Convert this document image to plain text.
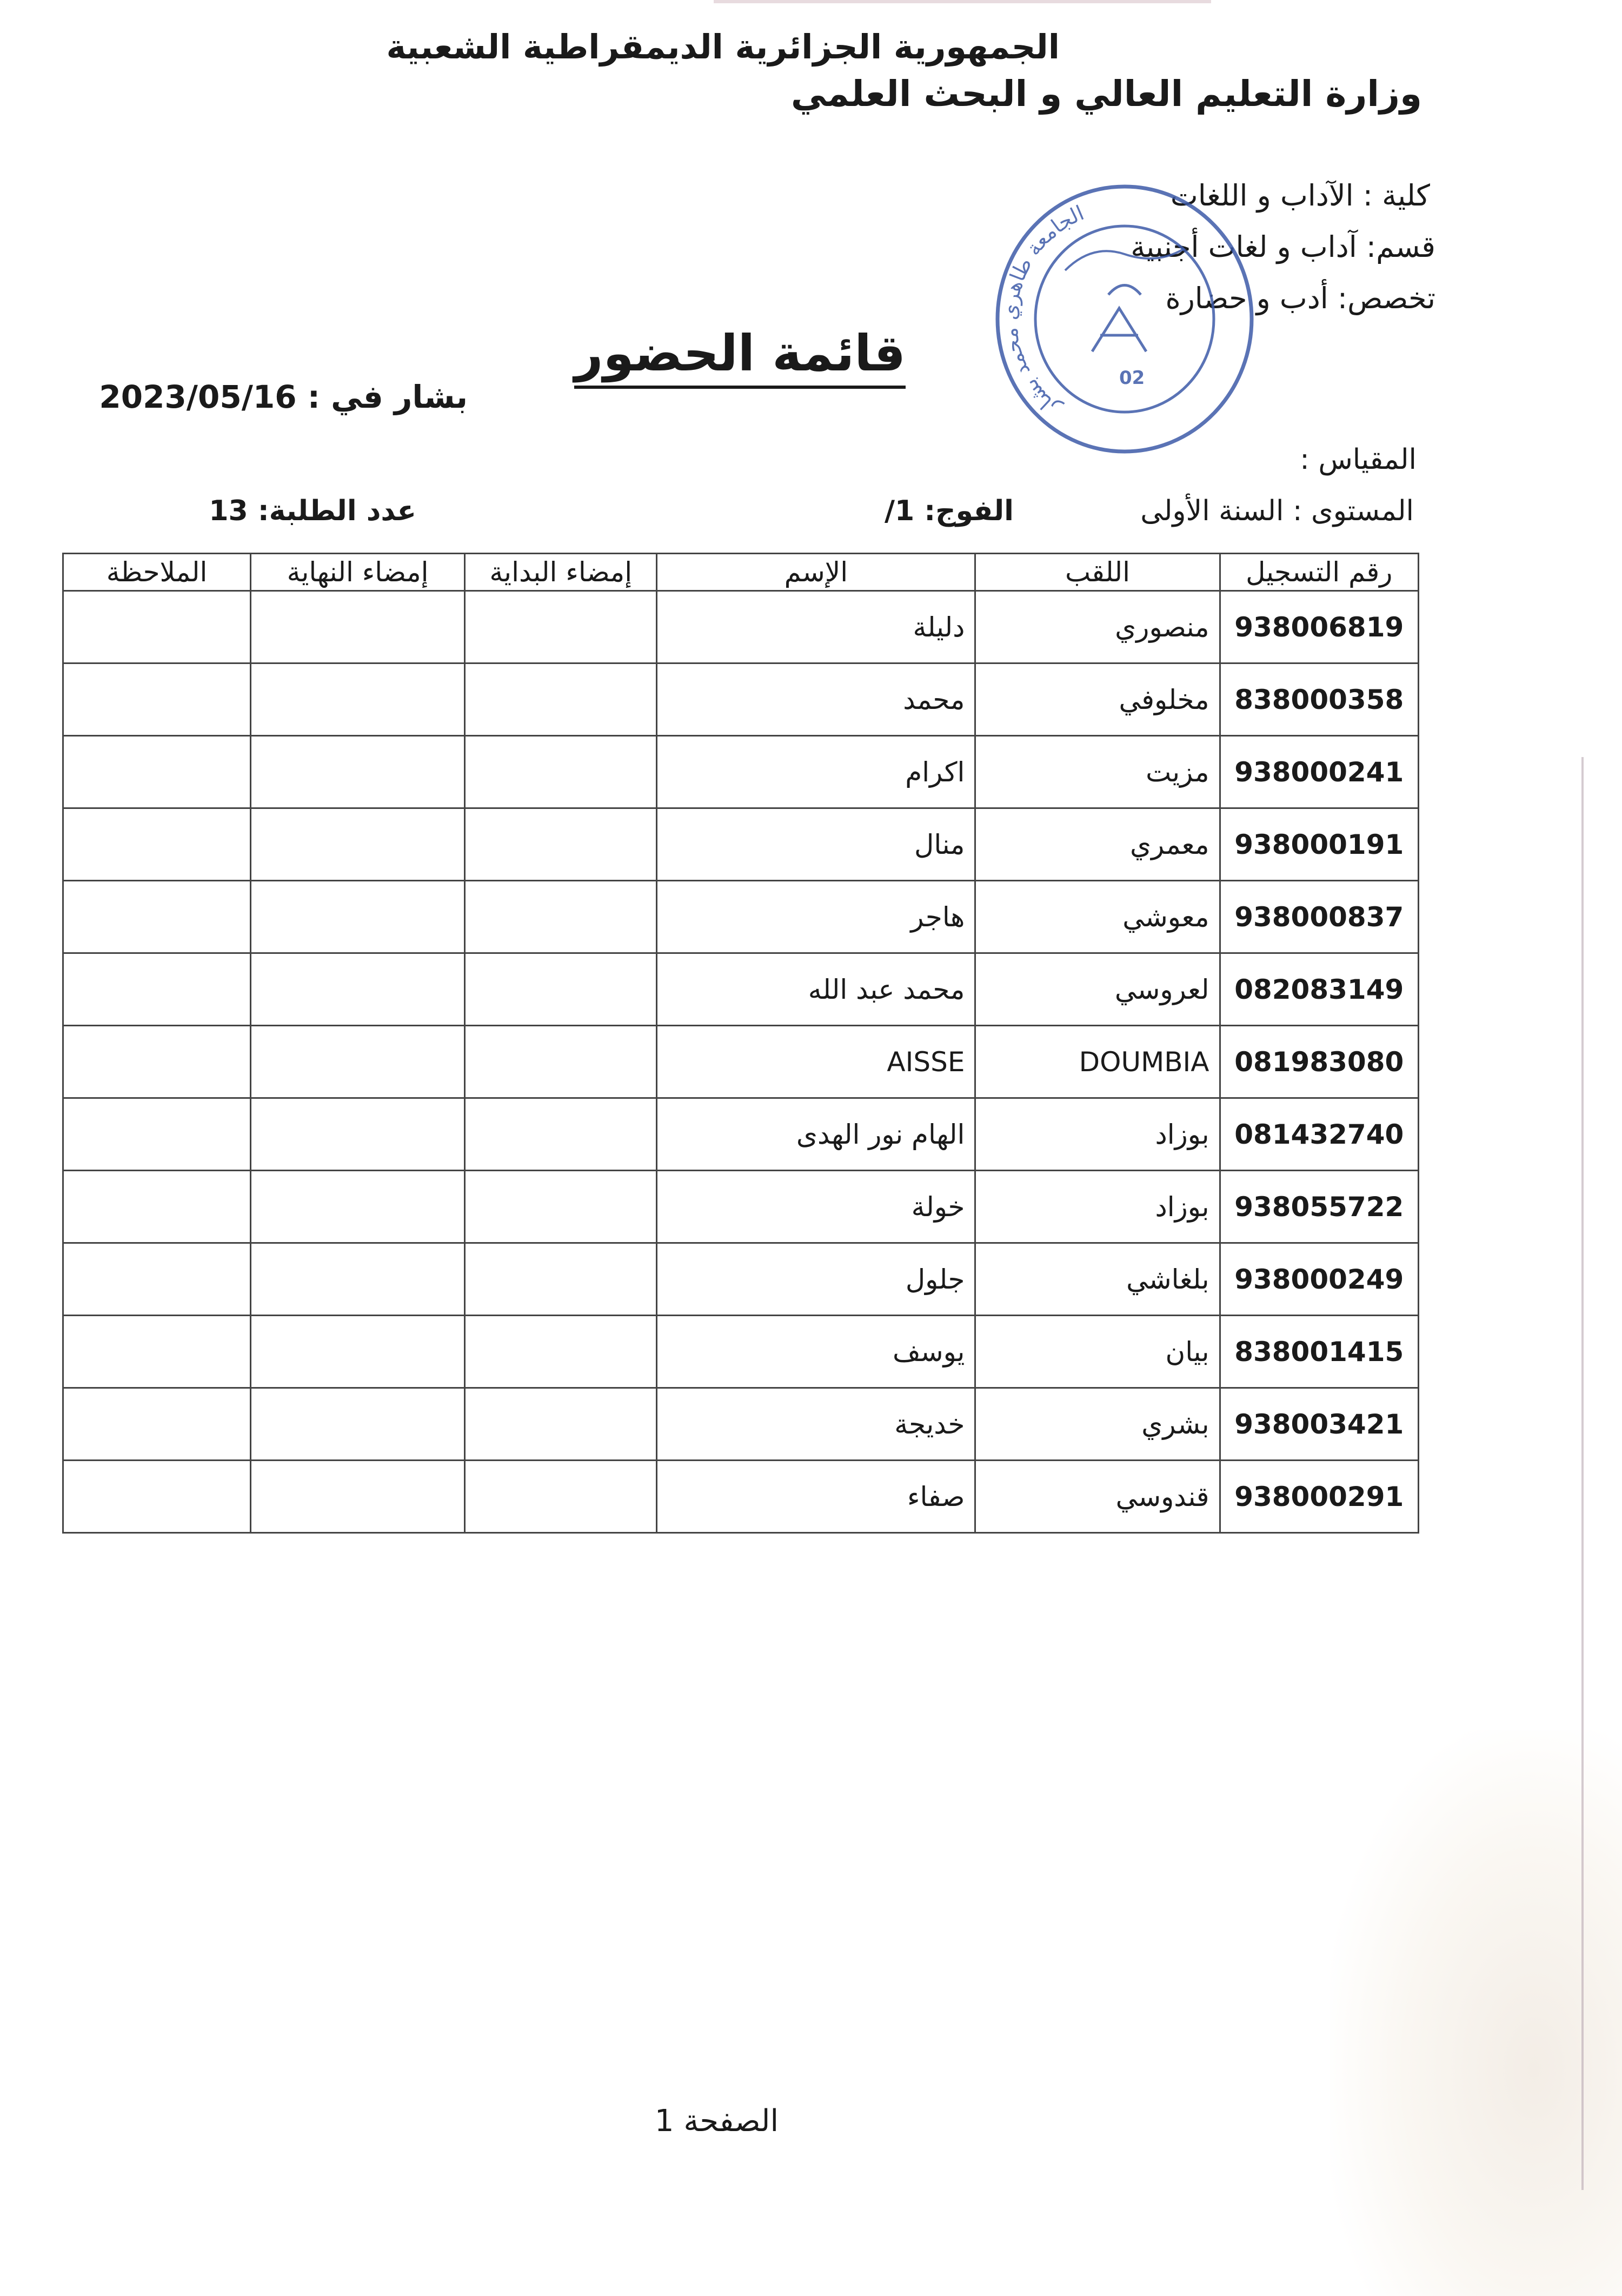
الجمهورية الجزائرية الديمقراطية الشعبية
وزارة التعليم العالي و البحث العلمي
كلية : الآداب و اللغات
قسم: آداب و لغات أجنبية
تخصص: أدب و حضارة
قائمة الحضور
بشار في : 2023/05/16
المقياس :
المستوى : السنة الأولى
الفوج: 1/
عدد الطلبة: 13
الجامعة طاهري محمد بشار
02
رقم التسجيل	اللقب	الإسم	إمضاء البداية	إمضاء النهاية	الملاحظة
938006819	منصوري	دليلة			
838000358	مخلوفي	محمد			
938000241	مزيت	اكرام			
938000191	معمري	منال			
938000837	معوشي	هاجر			
082083149	لعروسي	محمد عبد الله			
081983080	DOUMBIA	AISSE			
081432740	بوزاد	الهام نور الهدى			
938055722	بوزاد	خولة			
938000249	بلغاشي	جلول			
838001415	بيان	يوسف			
938003421	بشري	خديجة			
938000291	قندوسي	صفاء			
الصفحة 1
